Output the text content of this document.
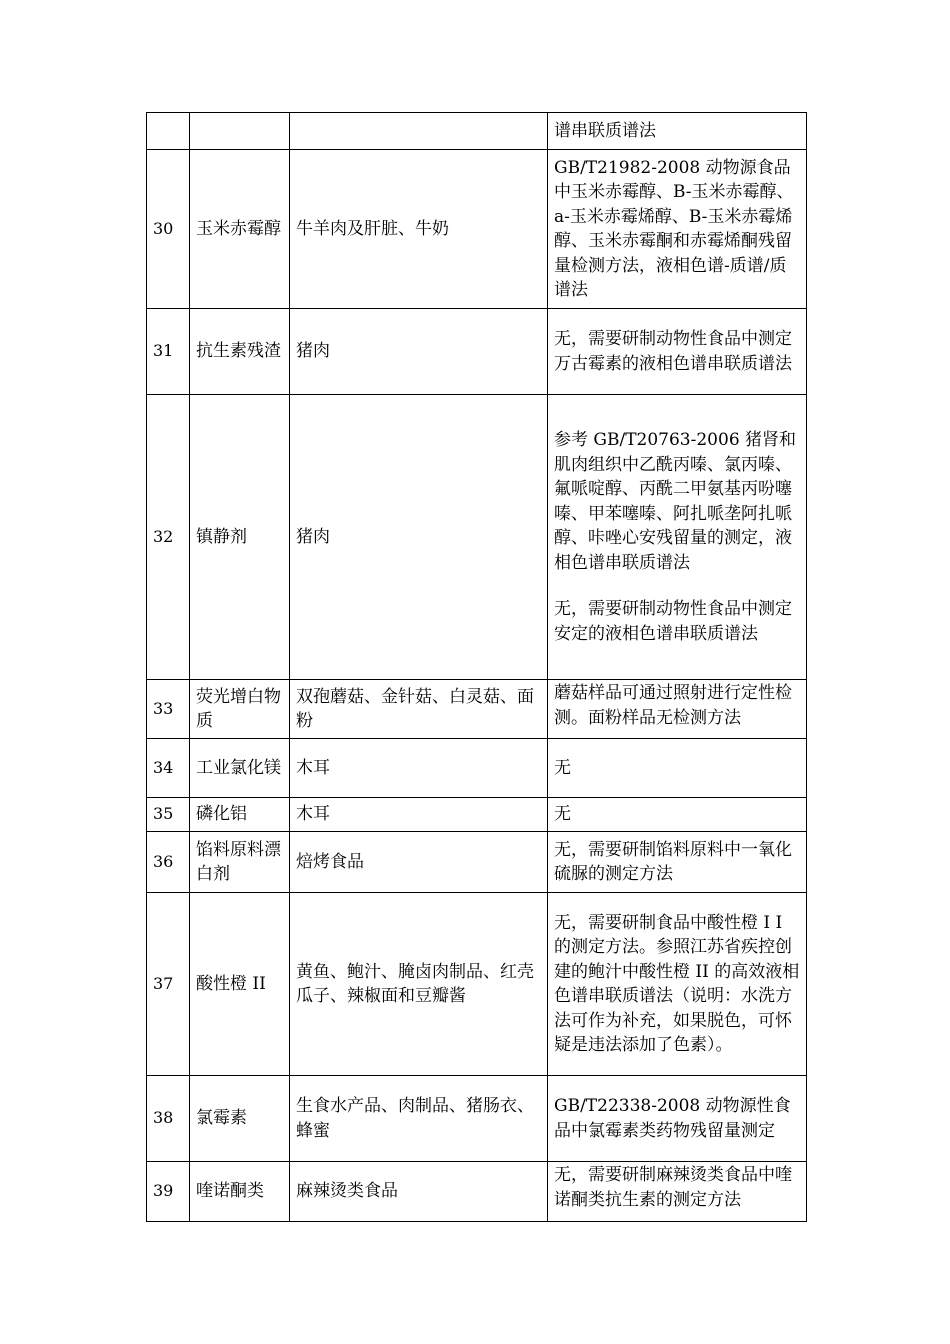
			谱串联质谱法
30	玉米赤霉醇	牛羊肉及肝脏、牛奶	GB/T21982-2008 动物源食品中玉米赤霉醇、B-玉米赤霉醇、a-玉米赤霉烯醇、B-玉米赤霉烯醇、玉米赤霉酮和赤霉烯酮残留量检测方法，液相色谱-质谱/质谱法
31	抗生素残渣	猪肉	无，需要研制动物性食品中测定万古霉素的液相色谱串联质谱法
32	镇静剂	猪肉	参考 GB/T20763-2006 猪肾和肌肉组织中乙酰丙嗪、氯丙嗪、氟哌啶醇、丙酰二甲氨基丙吩噻嗪、甲苯噻嗪、阿扎哌垄阿扎哌醇、咔唑心安残留量的测定，液相色谱串联质谱法
无，需要研制动物性食品中测定安定的液相色谱串联质谱法

33	荧光增白物质	双孢蘑菇、金针菇、白灵菇、面粉	蘑菇样品可通过照射进行定性检测。面粉样品无检测方法

34	工业氯化镁	木耳	无
35	磷化铝	木耳	无
36	馅料原料漂白剂	焙烤食品	无，需要研制馅料原料中一氧化硫脲的测定方法
37	酸性橙 II	黄鱼、鲍汁、腌卤肉制品、红壳瓜子、辣椒面和豆瓣酱	无，需要研制食品中酸性橙 I I 的测定方法。参照江苏省疾控创建的鲍汁中酸性橙 II 的高效液相色谱串联质谱法（说明：水洗方法可作为补充，如果脱色，可怀疑是违法添加了色素）。
38	氯霉素	生食水产品、肉制品、猪肠衣、蜂蜜	GB/T22338-2008 动物源性食品中氯霉素类药物残留量测定
39	喹诺酮类	麻辣烫类食品	无，需要研制麻辣烫类食品中喹诺酮类抗生素的测定方法
